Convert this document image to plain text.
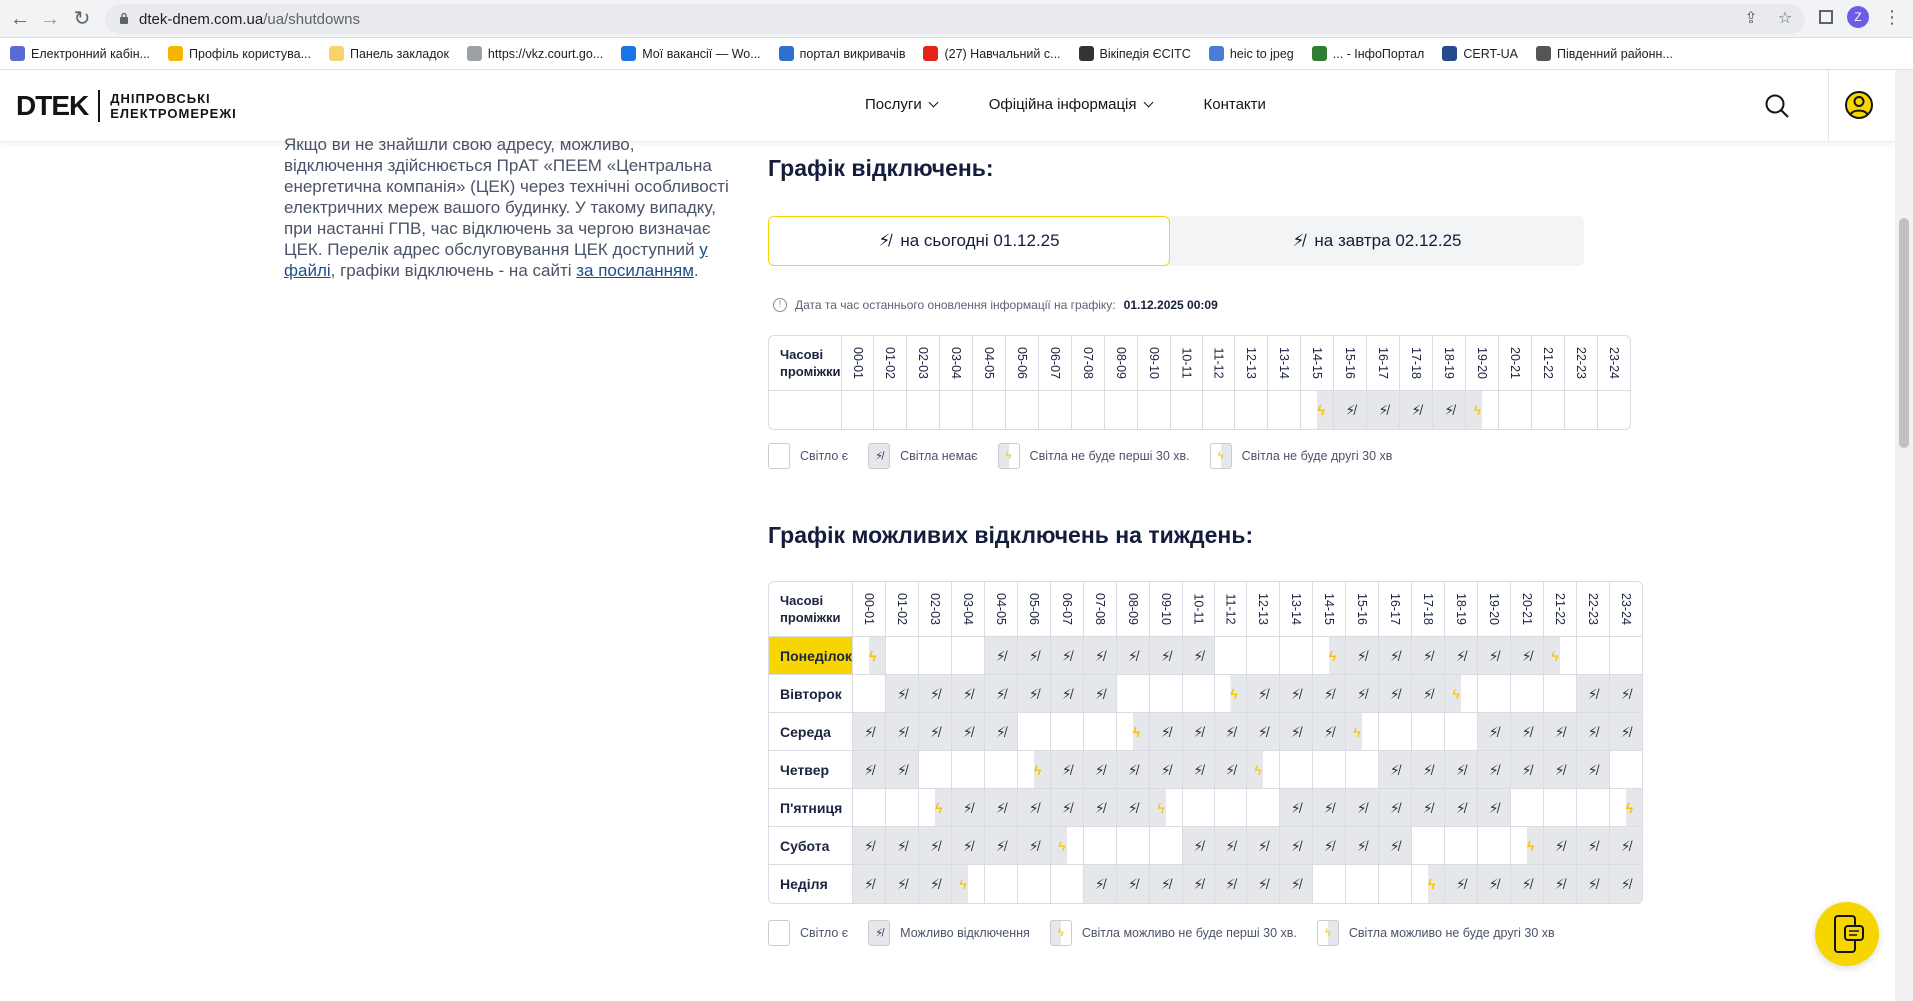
← → ↻	dtek-dnem.com.ua/ua/shutdowns	⇪ ☆	Z	⋮
Електронний кабін...	Профіль користува...	Панель закладок	https://vkz.court.go...	Мої вакансії — Wo...	портал викривачів	(27) Навчальний с...	Вікіпедія ЄСІТС	heic to jpeg	... - ІнфоПортал	CERT-UA	Південний районн...
DTEK ДНІПРОВСЬКІ
ЕЛЕКТРОМЕРЕЖІ
Послуги	Офіційна інформація	Контакти
Якщо ви не знайшли свою адресу, можливо, відключення здійснюється ПрАТ «ПЕЕМ «Центральна енергетична компанія» (ЦЕК) через технічні особливості електричних мереж вашого будинку. У такому випадку, при настанні ГПВ, час відключень за чергою визначає ЦЕК. Перелік адрес обслуговування ЦЕК доступний у файлі, графіки відключень - на сайті за посиланням.
Графік відключень:
⚡̸ на сьогодні 01.12.25	⚡̸ на завтра 02.12.25
!	Дата та час останнього оновлення інформації на графіку: 01.12.2025 00:09
Часові проміжки	00-01	01-02	02-03	03-04	04-05	05-06	06-07	07-08	08-09	09-10	10-11	11-12	12-13	13-14	14-15	15-16	16-17	17-18	18-19	19-20	20-21	21-22	22-23	23-24

															ϟ	⚡̸	⚡̸	⚡̸	⚡̸	ϟ				

Світло є ⚡̸ Світла немає	ϟ Світла не буде перші 30 хв.	ϟ Світла не буде другі 30 хв
Графік можливих відключень на тиждень:
Часові проміжки	00-01	01-02	02-03	03-04	04-05	05-06	06-07	07-08	08-09	09-10	10-11	11-12	12-13	13-14	14-15	15-16	16-17	17-18	18-19	19-20	20-21	21-22	22-23	23-24
Понеділок	ϟ				⚡̸	⚡̸	⚡̸	⚡̸	⚡̸	⚡̸	⚡̸				ϟ	⚡̸	⚡̸	⚡̸	⚡̸	⚡̸	⚡̸	ϟ		

Вівторок		⚡̸	⚡̸	⚡̸	⚡̸	⚡̸	⚡̸	⚡̸				ϟ	⚡̸	⚡̸	⚡̸	⚡̸	⚡̸	⚡̸	ϟ				⚡̸	⚡̸

Середа	⚡̸	⚡̸	⚡̸	⚡̸	⚡̸				ϟ	⚡̸	⚡̸	⚡̸	⚡̸	⚡̸	⚡̸	ϟ				⚡̸	⚡̸	⚡̸	⚡̸	⚡̸

Четвер	⚡̸	⚡̸				ϟ	⚡̸	⚡̸	⚡̸	⚡̸	⚡̸	⚡̸	ϟ				⚡̸	⚡̸	⚡̸	⚡̸	⚡̸	⚡̸	⚡̸	

П'ятниця			ϟ	⚡̸	⚡̸	⚡̸	⚡̸	⚡̸	⚡̸	ϟ				⚡̸	⚡̸	⚡̸	⚡̸	⚡̸	⚡̸	⚡̸				ϟ

Субота	⚡̸	⚡̸	⚡̸	⚡̸	⚡̸	⚡̸	ϟ				⚡̸	⚡̸	⚡̸	⚡̸	⚡̸	⚡̸	⚡̸				ϟ	⚡̸	⚡̸	⚡̸

Неділя	⚡̸	⚡̸	⚡̸	ϟ				⚡̸	⚡̸	⚡̸	⚡̸	⚡̸	⚡̸	⚡̸				ϟ	⚡̸	⚡̸	⚡̸	⚡̸	⚡̸	⚡̸
Світло є ⚡̸ Можливо відключення	ϟ Світла можливо не буде перші 30 хв.	ϟ Світла можливо не буде другі 30 хв
